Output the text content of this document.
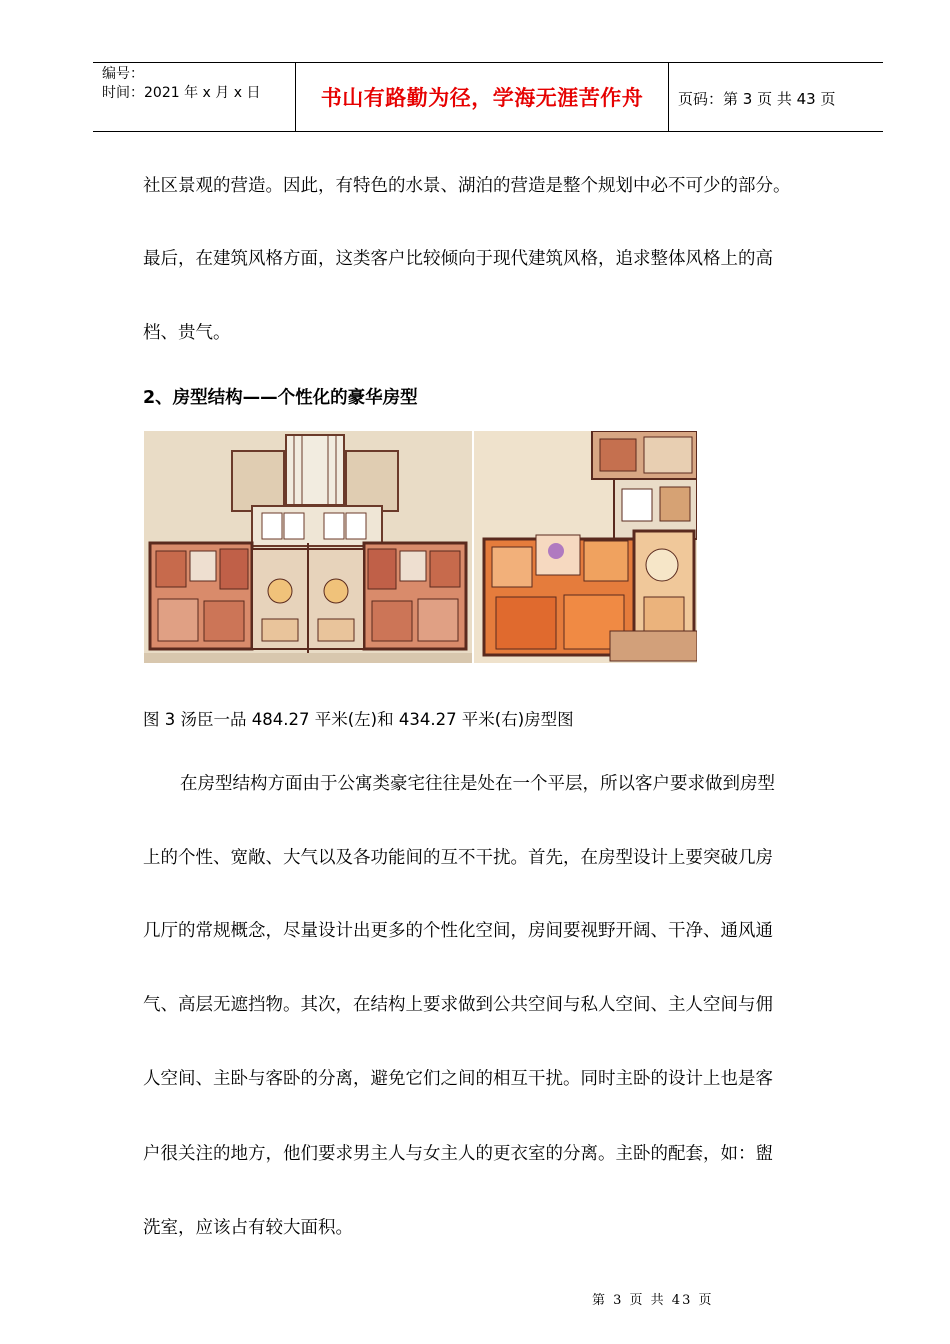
编号：
时间：2021 年 x 月 x 日	书山有路勤为径，学海无涯苦作舟	页码：第 3 页 共 43 页
社区景观的营造。因此，有特色的水景、湖泊的营造是整个规划中必不可少的部分。
最后，在建筑风格方面，这类客户比较倾向于现代建筑风格，追求整体风格上的高
档、贵气。
2、房型结构——个性化的豪华房型
图 3 汤臣一品 484.27 平米(左)和 434.27 平米(右)房型图
在房型结构方面由于公寓类豪宅往往是处在一个平层，所以客户要求做到房型
上的个性、宽敞、大气以及各功能间的互不干扰。首先，在房型设计上要突破几房
几厅的常规概念，尽量设计出更多的个性化空间，房间要视野开阔、干净、通风通
气、高层无遮挡物。其次，在结构上要求做到公共空间与私人空间、主人空间与佣
人空间、主卧与客卧的分离，避免它们之间的相互干扰。同时主卧的设计上也是客
户很关注的地方，他们要求男主人与女主人的更衣室的分离。主卧的配套，如：盥
洗室，应该占有较大面积。
第 3 页 共 43 页
